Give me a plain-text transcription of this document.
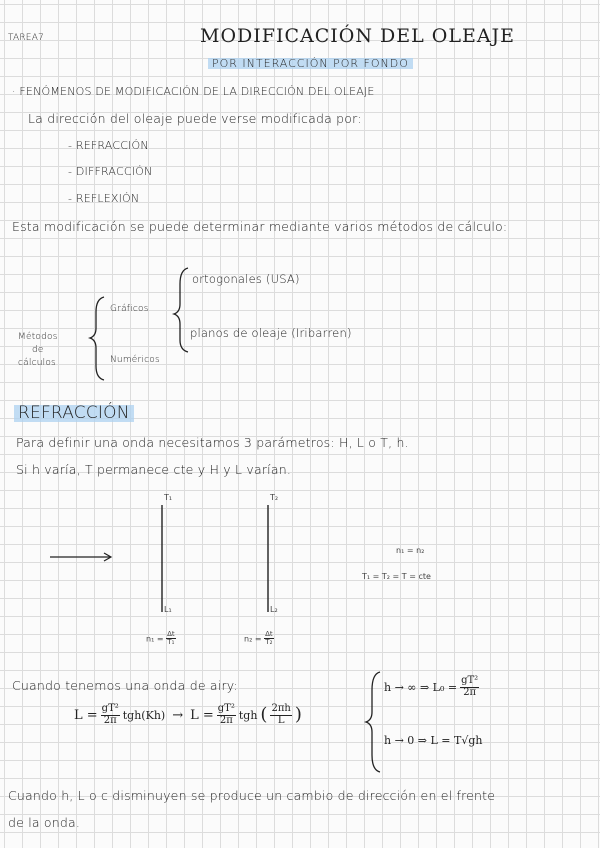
TAREA7	MODIFICACIÓN DEL OLEAJE
POR INTERACCIÓN POR FONDO
· FENÓMENOS DE MODIFICACIÓN DE LA DIRECCIÓN DEL OLEAJE
La dirección del oleaje puede verse modificada por:
- REFRACCIÓN
- DIFFRACCIÓN
- REFLEXIÓN
Esta modificación se puede determinar mediante varios métodos de cálculo:
Métodos
de
cálculos
Gráficos
Numéricos
ortogonales (USA)
planos de oleaje (Iribarren)
REFRACCIÓN
Para definir una onda necesitamos 3 parámetros: H, L o T, h.
Si h varía, T permanece cte y H y L varían.
T₁	T₂
L₁	L₂
$n_1 = \frac{\Delta t}{\text{T₁}}$	$n_2 = \frac{\Delta t}{\text{T₂}}$
n₁ = n₂
T₁ = T₂ = T = cte
Cuando tenemos una onda de airy:
$L = \frac{\text{gT²}}{2\pi} tgh(Kh) \to L = \frac{\text{gT²}}{2\pi}$ tgh ( $\frac{2\pi h}{L}$ )
h → ∞ ⇒ $L_0 = \frac{\text{gT²}}{2\pi}$
h → 0 ⇒ L = T√gh
Cuando h, L o c disminuyen se produce un cambio de dirección en el frente
de la onda.
